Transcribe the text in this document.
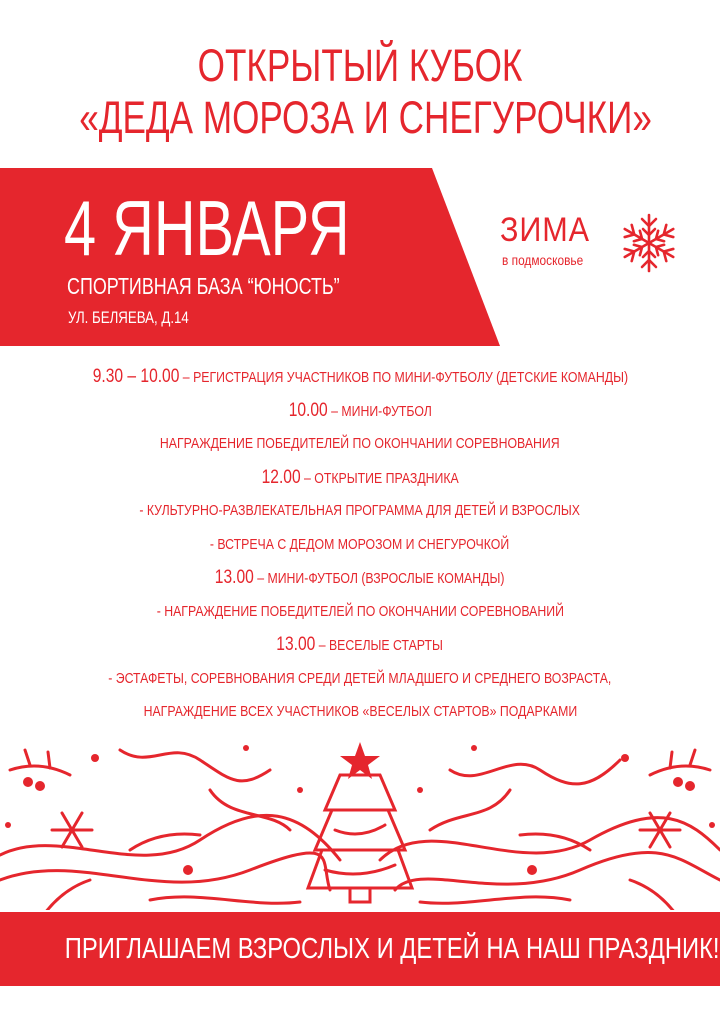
ОТКРЫТЫЙ КУБОК
«ДЕДА МОРОЗА И СНЕГУРОЧКИ»
4 ЯНВАРЯ
СПОРТИВНАЯ БАЗА “ЮНОСТЬ”
УЛ. БЕЛЯЕВА, Д.14
ЗИМА
в подмосковье
9.30 – 10.00 – РЕГИСТРАЦИЯ УЧАСТНИКОВ ПО МИНИ-ФУТБОЛУ (ДЕТСКИЕ КОМАНДЫ)
10.00 – МИНИ-ФУТБОЛ
НАГРАЖДЕНИЕ ПОБЕДИТЕЛЕЙ ПО ОКОНЧАНИИ СОРЕВНОВАНИЯ
12.00 – ОТКРЫТИЕ ПРАЗДНИКА
- КУЛЬТУРНО-РАЗВЛЕКАТЕЛЬНАЯ ПРОГРАММА ДЛЯ ДЕТЕЙ И ВЗРОСЛЫХ
- ВСТРЕЧА С ДЕДОМ МОРОЗОМ И СНЕГУРОЧКОЙ
13.00 – МИНИ-ФУТБОЛ (ВЗРОСЛЫЕ КОМАНДЫ)
- НАГРАЖДЕНИЕ ПОБЕДИТЕЛЕЙ ПО ОКОНЧАНИИ СОРЕВНОВАНИЙ
13.00 – ВЕСЕЛЫЕ СТАРТЫ
- ЭСТАФЕТЫ, СОРЕВНОВАНИЯ СРЕДИ ДЕТЕЙ МЛАДШЕГО И СРЕДНЕГО ВОЗРАСТА,
НАГРАЖДЕНИЕ ВСЕХ УЧАСТНИКОВ «ВЕСЕЛЫХ СТАРТОВ» ПОДАРКАМИ
ПРИГЛАШАЕМ ВЗРОСЛЫХ И ДЕТЕЙ НА НАШ ПРАЗДНИК!
